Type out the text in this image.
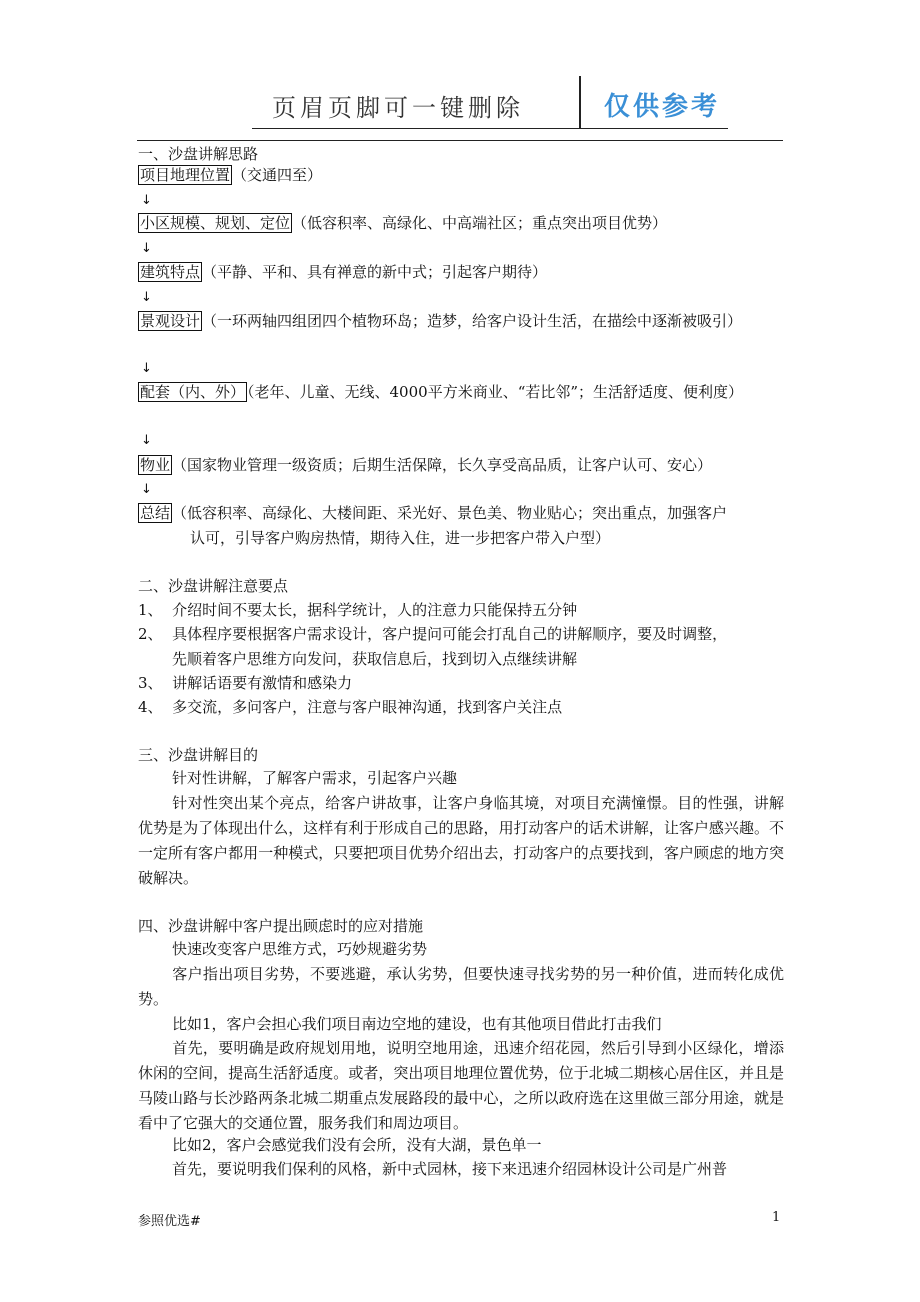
页眉页脚可一键删除	仅供参考
一、沙盘讲解思路
项目地理位置 （交通四至）
↓
小区规模、规划、定位 （低容积率、高绿化、中高端社区；重点突出项目优势）
↓
建筑特点 （平静、平和、具有禅意的新中式；引起客户期待）
↓
景观设计 （一环两轴四组团四个植物环岛；造梦，给客户设计生活，在描绘中逐渐被吸引）
↓
配套（内、外） （老年、儿童、无线、4000平方米商业、“若比邻”；生活舒适度、便利度）
↓
物业 （国家物业管理一级资质；后期生活保障，长久享受高品质，让客户认可、安心）
↓
总结 （低容积率、高绿化、大楼间距、采光好、景色美、物业贴心；突出重点，加强客户
认可，引导客户购房热情，期待入住，进一步把客户带入户型）
二、沙盘讲解注意要点
1、 介绍时间不要太长，据科学统计，人的注意力只能保持五分钟
2、 具体程序要根据客户需求设计，客户提问可能会打乱自己的讲解顺序，要及时调整，
先顺着客户思维方向发问，获取信息后，找到切入点继续讲解
3、 讲解话语要有激情和感染力
4、 多交流，多问客户，注意与客户眼神沟通，找到客户关注点
三、沙盘讲解目的
针对性讲解，了解客户需求，引起客户兴趣
针对性突出某个亮点，给客户讲故事，让客户身临其境，对项目充满憧憬。目的性强，讲解优势是为了体现出什么，这样有利于形成自己的思路，用打动客户的话术讲解，让客户感兴趣。不一定所有客户都用一种模式，只要把项目优势介绍出去，打动客户的点要找到，客户顾虑的地方突破解决。
四、沙盘讲解中客户提出顾虑时的应对措施
快速改变客户思维方式，巧妙规避劣势
客户指出项目劣势，不要逃避，承认劣势，但要快速寻找劣势的另一种价值，进而转化成优势。
比如1，客户会担心我们项目南边空地的建设，也有其他项目借此打击我们
首先，要明确是政府规划用地，说明空地用途，迅速介绍花园，然后引导到小区绿化，增添休闲的空间，提高生活舒适度。或者，突出项目地理位置优势，位于北城二期核心居住区，并且是马陵山路与长沙路两条北城二期重点发展路段的最中心，之所以政府选在这里做三部分用途，就是看中了它强大的交通位置，服务我们和周边项目。
比如2，客户会感觉我们没有会所，没有大湖，景色单一
首先，要说明我们保利的风格，新中式园林，接下来迅速介绍园林设计公司是广州普
参照优选#	1
